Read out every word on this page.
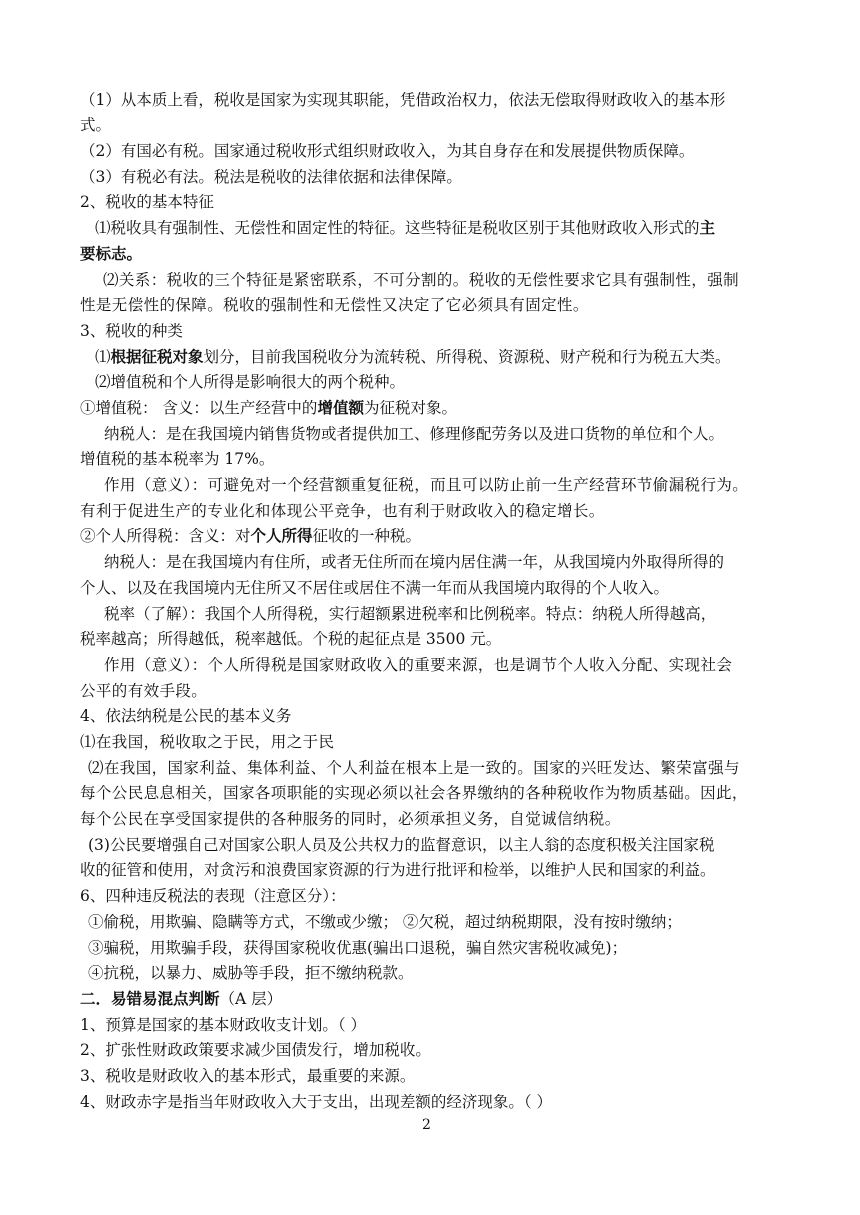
（1）从本质上看，税收是国家为实现其职能，凭借政治权力，依法无偿取得财政收入的基本形
式。
（2）有国必有税。国家通过税收形式组织财政收入，为其自身存在和发展提供物质保障。
（3）有税必有法。税法是税收的法律依据和法律保障。
2、税收的基本特征
⑴税收具有强制性、无偿性和固定性的特征。这些特征是税收区别于其他财政收入形式的主
要标志。
⑵关系：税收的三个特征是紧密联系，不可分割的。税收的无偿性要求它具有强制性，强制
性是无偿性的保障。税收的强制性和无偿性又决定了它必须具有固定性。
3、税收的种类
⑴根据征税对象划分，目前我国税收分为流转税、所得税、资源税、财产税和行为税五大类。
⑵增值税和个人所得是影响很大的两个税种。
①增值税： 含义：以生产经营中的增值额为征税对象。
纳税人：是在我国境内销售货物或者提供加工、修理修配劳务以及进口货物的单位和个人。
增值税的基本税率为 17%。
作用（意义）：可避免对一个经营额重复征税，而且可以防止前一生产经营环节偷漏税行为。
有利于促进生产的专业化和体现公平竞争，也有利于财政收入的稳定增长。
②个人所得税：含义：对个人所得征收的一种税。
纳税人：是在我国境内有住所，或者无住所而在境内居住满一年，从我国境内外取得所得的
个人、以及在我国境内无住所又不居住或居住不满一年而从我国境内取得的个人收入。
税率（了解）：我国个人所得税，实行超额累进税率和比例税率。特点：纳税人所得越高，
税率越高；所得越低，税率越低。个税的起征点是 3500 元。
作用（意义）：个人所得税是国家财政收入的重要来源，也是调节个人收入分配、实现社会
公平的有效手段。
4、依法纳税是公民的基本义务
⑴在我国，税收取之于民，用之于民
⑵在我国，国家利益、集体利益、个人利益在根本上是一致的。国家的兴旺发达、繁荣富强与
每个公民息息相关，国家各项职能的实现必须以社会各界缴纳的各种税收作为物质基础。因此，
每个公民在享受国家提供的各种服务的同时，必须承担义务，自觉诚信纳税。
(3)公民要增强自己对国家公职人员及公共权力的监督意识，以主人翁的态度积极关注国家税
收的征管和使用，对贪污和浪费国家资源的行为进行批评和检举，以维护人民和国家的利益。
6、四种违反税法的表现（注意区分）：
①偷税，用欺骗、隐瞒等方式，不缴或少缴； ②欠税，超过纳税期限，没有按时缴纳；
③骗税，用欺骗手段，获得国家税收优惠(骗出口退税，骗自然灾害税收减免)；
④抗税，以暴力、威胁等手段，拒不缴纳税款。
二．易错易混点判断（A 层）
1、预算是国家的基本财政收支计划。（ ）
2、扩张性财政政策要求减少国债发行，增加税收。
3、税收是财政收入的基本形式，最重要的来源。
4、财政赤字是指当年财政收入大于支出，出现差额的经济现象。（ ）
2
